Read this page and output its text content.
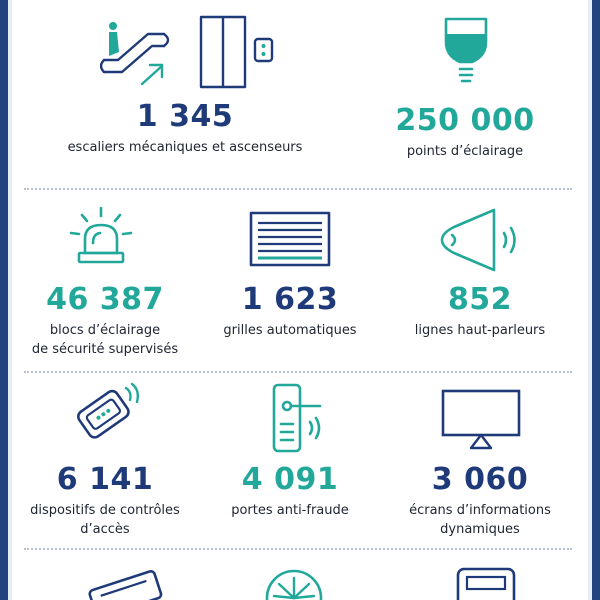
1 345
escaliers mécaniques et ascenseurs
250 000
points d’éclairage
46 387
blocs d’éclairage
de sécurité supervisés
1 623
grilles automatiques
852
lignes haut-parleurs
6 141
dispositifs de contrôles
d’accès
4 091
portes anti-fraude
3 060
écrans d’informations
dynamiques
